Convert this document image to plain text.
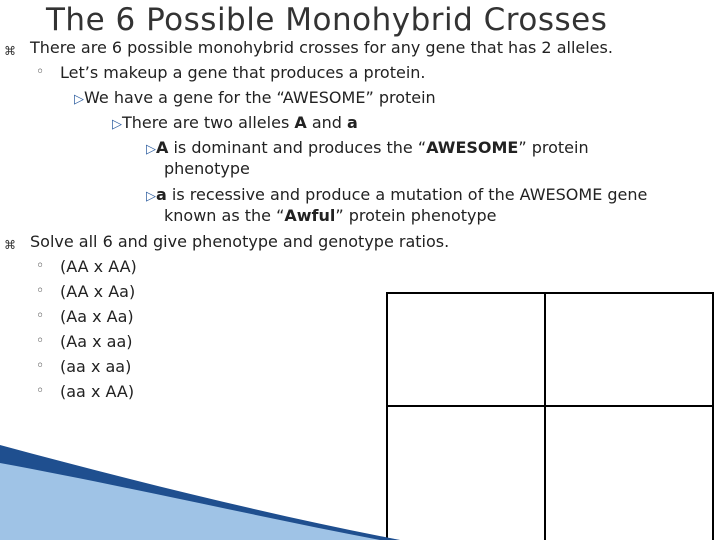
The 6 Possible Monohybrid Crosses
⌘ There are 6 possible monohybrid crosses for any gene that has 2 alleles.
◦ Let’s makeup a gene that produces a protein.
▷We have a gene for the “AWESOME” protein
▷There are two alleles A and a
▷A is dominant and produces the “AWESOME” protein
phenotype
▷a is recessive and produce a mutation of the AWESOME gene
known as the “Awful” protein phenotype
⌘ Solve all 6 and give phenotype and genotype ratios.
◦ (AA x AA)
◦ (AA x Aa)
◦ (Aa x Aa)
◦ (Aa x aa)
◦ (aa x aa)
◦ (aa x AA)
